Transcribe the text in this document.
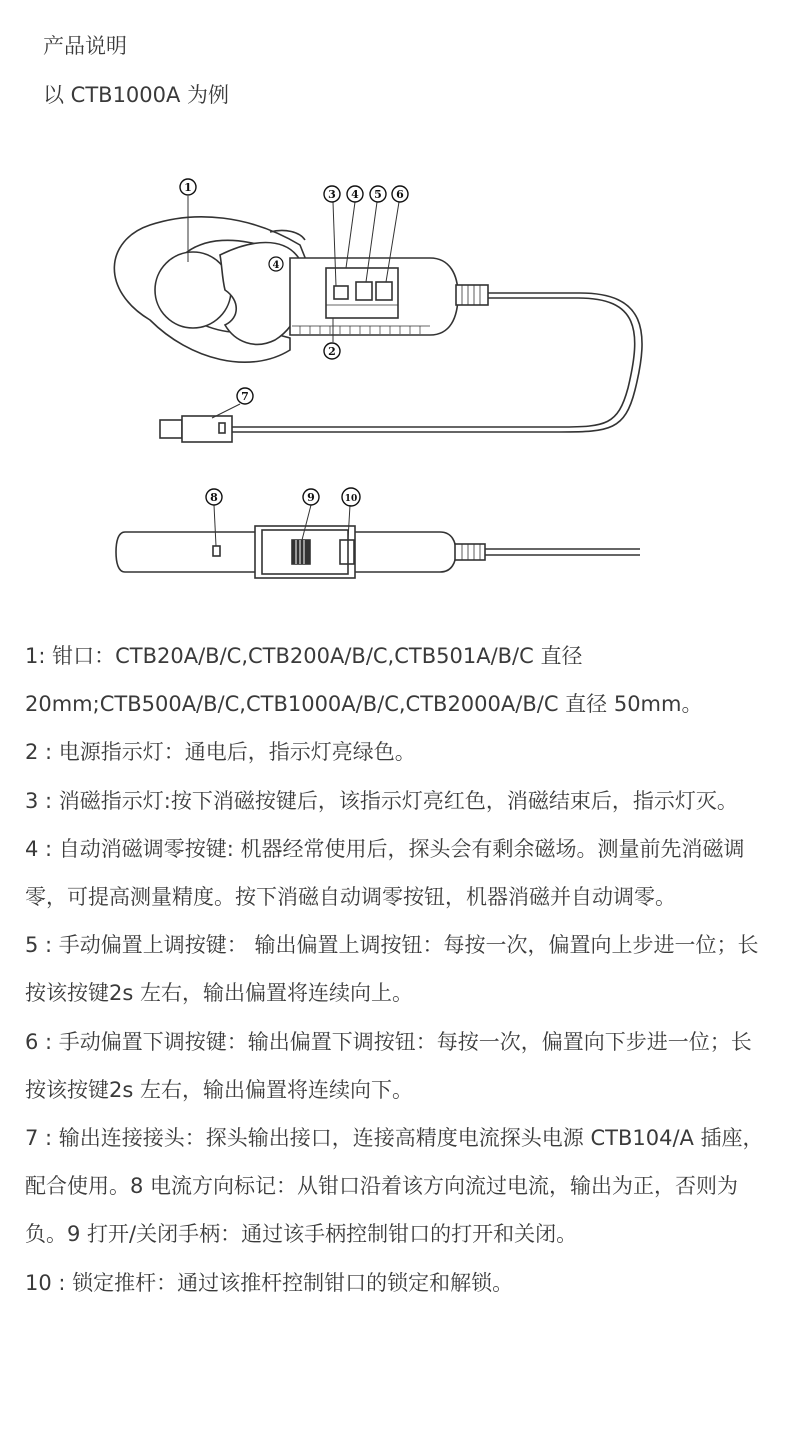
产品说明
以 CTB1000A 为例
1
3 4 5 6
4
2
7
8	9	10

1: 钳口：CTB20A/B/C,CTB200A/B/C,CTB501A/B/C 直径 20mm;CTB500A/B/C,CTB1000A/B/C,CTB2000A/B/C 直径 50mm。

2 : 电源指示灯：通电后，指示灯亮绿色。

3 : 消磁指示灯:按下消磁按键后，该指示灯亮红色，消磁结束后，指示灯灭。

4 : 自动消磁调零按键: 机器经常使用后，探头会有剩余磁场。测量前先消磁调零，可提高测量精度。按下消磁自动调零按钮，机器消磁并自动调零。

5 : 手动偏置上调按键： 输出偏置上调按钮：每按一次，偏置向上步进一位；长按该按键2s 左右，输出偏置将连续向上。

6 : 手动偏置下调按键：输出偏置下调按钮：每按一次，偏置向下步进一位；长按该按键2s 左右，输出偏置将连续向下。

7 : 输出连接接头：探头输出接口，连接高精度电流探头电源 CTB104/A 插座，配合使用。8 电流方向标记：从钳口沿着该方向流过电流，输出为正，否则为负。9 打开/关闭手柄：通过该手柄控制钳口的打开和关闭。

10 : 锁定推杆：通过该推杆控制钳口的锁定和解锁。
